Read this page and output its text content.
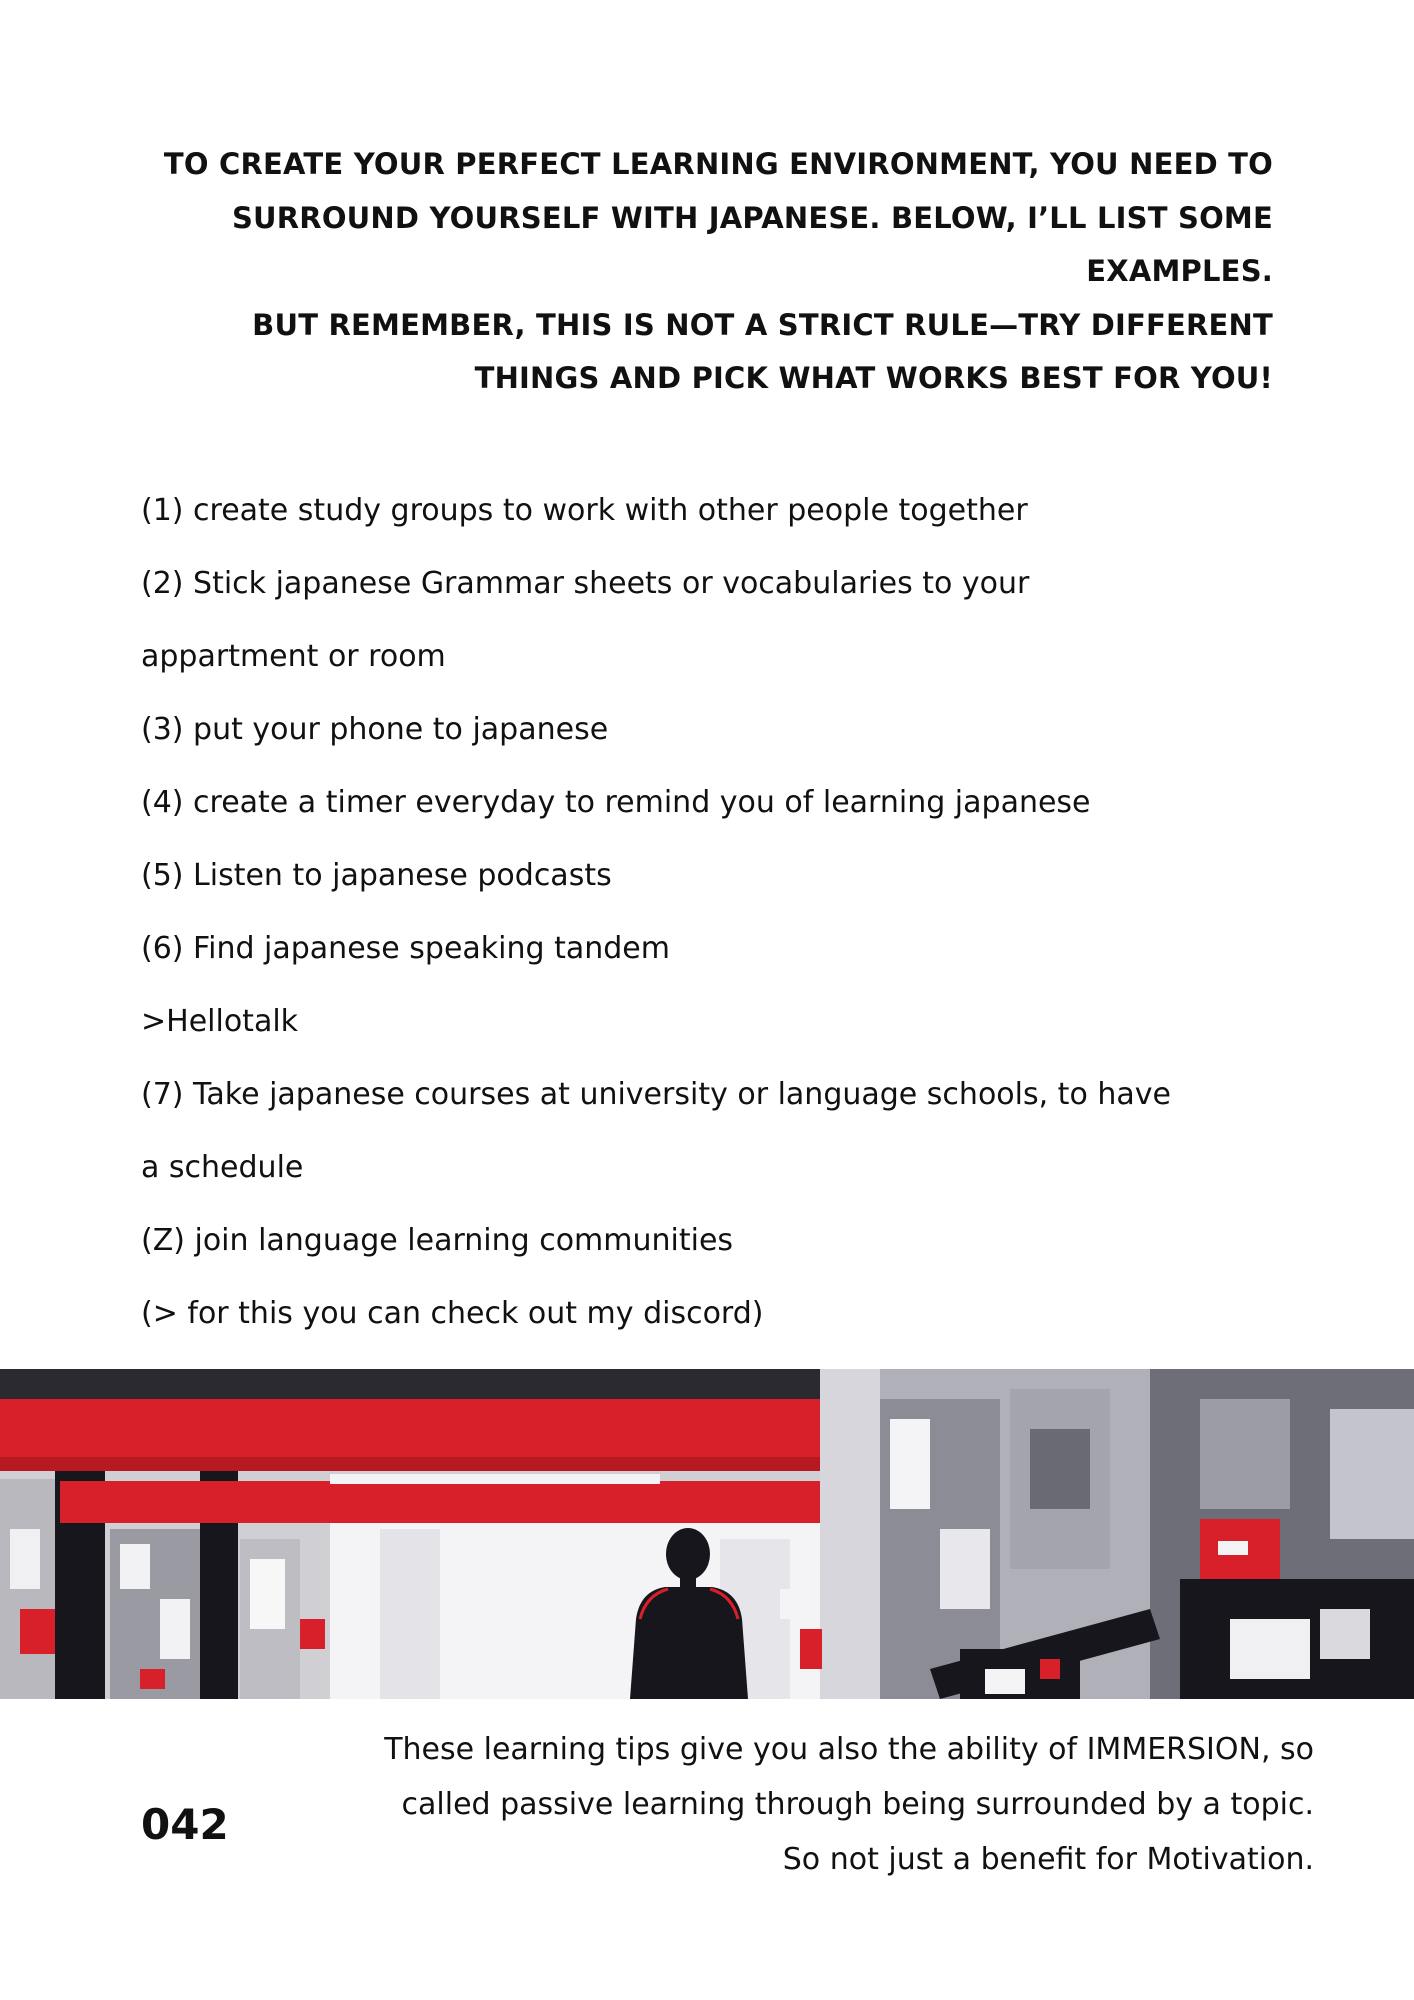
TO CREATE YOUR PERFECT LEARNING ENVIRONMENT, YOU NEED TO SURROUND YOURSELF WITH JAPANESE. BELOW, I’LL LIST SOME EXAMPLES.
BUT REMEMBER, THIS IS NOT A STRICT RULE—TRY DIFFERENT THINGS AND PICK WHAT WORKS BEST FOR YOU!
(1) create study groups to work with other people together
(2) Stick japanese Grammar sheets or vocabularies to your
appartment or room
(3) put your phone to japanese
(4) create a timer everyday to remind you of learning japanese
(5) Listen to japanese podcasts
(6) Find japanese speaking tandem
>Hellotalk
(7) Take japanese courses at university or language schools, to have
a schedule
(Z) join language learning communities
(> for this you can check out my discord)
These learning tips give you also the ability of IMMERSION, so
called passive learning through being surrounded by a topic.
So not just a benefit for Motivation.
042
